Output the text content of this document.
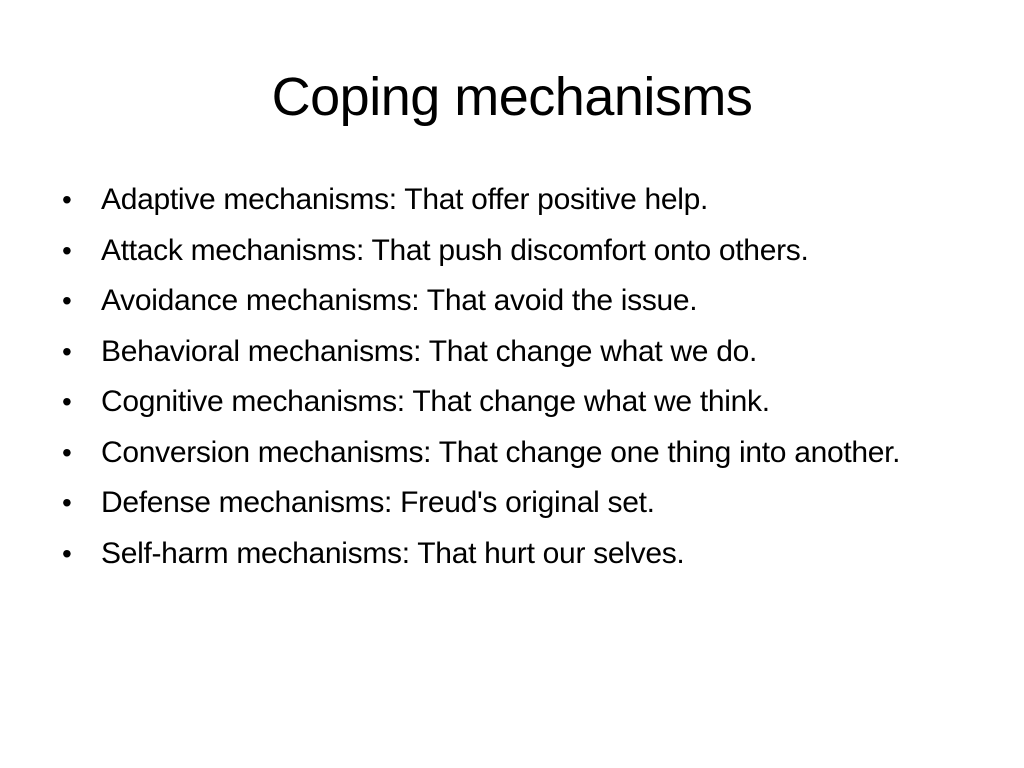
Coping mechanisms
• Adaptive mechanisms: That offer positive help.
• Attack mechanisms: That push discomfort onto others.
• Avoidance mechanisms: That avoid the issue.
• Behavioral mechanisms: That change what we do.
• Cognitive mechanisms: That change what we think.
• Conversion mechanisms: That change one thing into another.
• Defense mechanisms: Freud's original set.
• Self-harm mechanisms: That hurt our selves.
